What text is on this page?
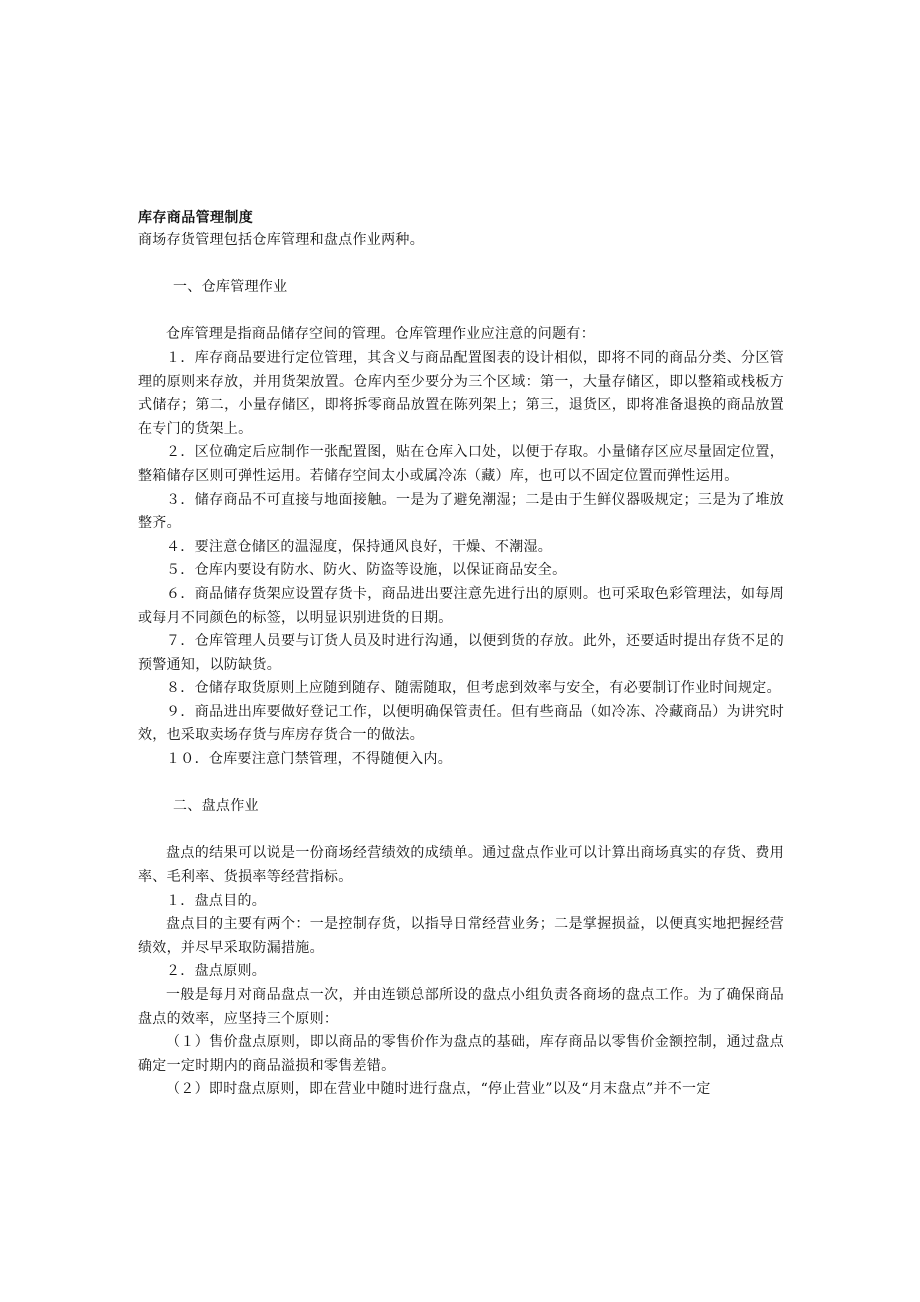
库存商品管理制度

商场存货管理包括仓库管理和盘点作业两种。

一、仓库管理作业

仓库管理是指商品储存空间的管理。仓库管理作业应注意的问题有：

１．库存商品要进行定位管理，其含义与商品配置图表的设计相似，即将不同的商品分类、分区管理的原则来存放，并用货架放置。仓库内至少要分为三个区域：第一，大量存储区，即以整箱或栈板方式储存；第二，小量存储区，即将拆零商品放置在陈列架上；第三，退货区，即将准备退换的商品放置在专门的货架上。

２．区位确定后应制作一张配置图，贴在仓库入口处，以便于存取。小量储存区应尽量固定位置，整箱储存区则可弹性运用。若储存空间太小或属冷冻（藏）库，也可以不固定位置而弹性运用。

３．储存商品不可直接与地面接触。一是为了避免潮湿；二是由于生鲜仪器吸规定；三是为了堆放整齐。

４．要注意仓储区的温湿度，保持通风良好，干燥、不潮湿。

５．仓库内要设有防水、防火、防盗等设施，以保证商品安全。

６．商品储存货架应设置存货卡，商品进出要注意先进行出的原则。也可采取色彩管理法，如每周或每月不同颜色的标签，以明显识别进货的日期。

７．仓库管理人员要与订货人员及时进行沟通，以便到货的存放。此外，还要适时提出存货不足的预警通知，以防缺货。

８．仓储存取货原则上应随到随存、随需随取，但考虑到效率与安全，有必要制订作业时间规定。

９．商品进出库要做好登记工作，以便明确保管责任。但有些商品（如冷冻、冷藏商品）为讲究时效，也采取卖场存货与库房存货合一的做法。

１０．仓库要注意门禁管理，不得随便入内。

二、盘点作业

盘点的结果可以说是一份商场经营绩效的成绩单。通过盘点作业可以计算出商场真实的存货、费用率、毛利率、货损率等经营指标。

１．盘点目的。

盘点目的主要有两个：一是控制存货，以指导日常经营业务；二是掌握损益，以便真实地把握经营绩效，并尽早采取防漏措施。

２．盘点原则。

一般是每月对商品盘点一次，并由连锁总部所设的盘点小组负责各商场的盘点工作。为了确保商品盘点的效率，应坚持三个原则：

（１）售价盘点原则，即以商品的零售价作为盘点的基础，库存商品以零售价金额控制，通过盘点确定一定时期内的商品溢损和零售差错。

（２）即时盘点原则，即在营业中随时进行盘点，“停止营业”以及“月末盘点”并不一定
